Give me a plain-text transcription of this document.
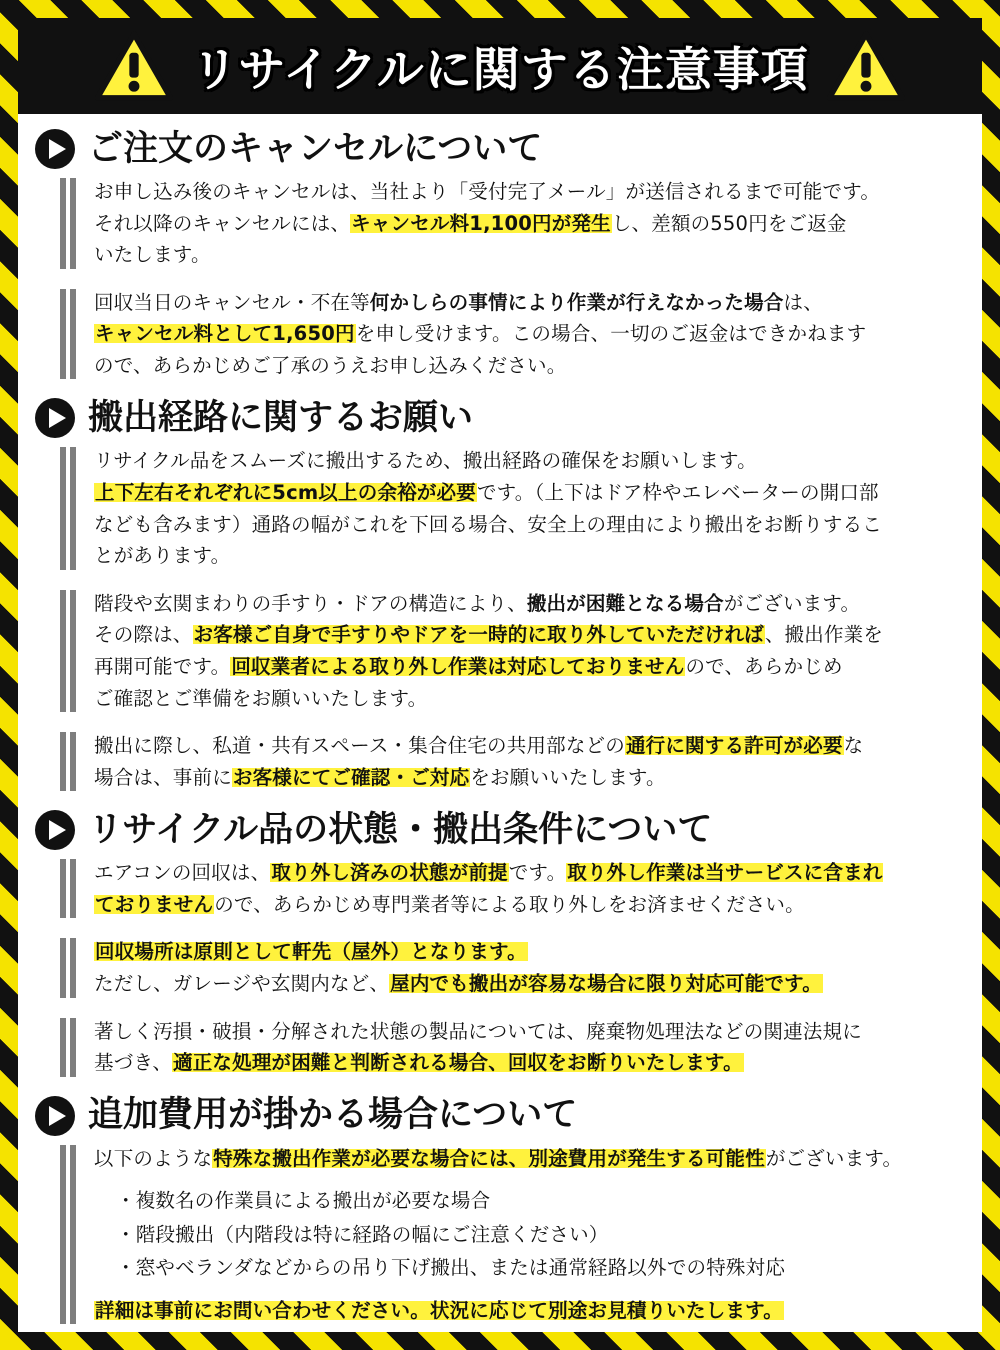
リサイクルに関する注意事項
ご注文のキャンセルについて
お申し込み後のキャンセルは、当社より「受付完了メール」が送信されるまで可能です。
それ以降のキャンセルには、キャンセル料1,100円が発生し、差額の550円をご返金
いたします。
回収当日のキャンセル・不在等何かしらの事情により作業が行えなかった場合は、
キャンセル料として1,650円を申し受けます。この場合、一切のご返金はできかねます
ので、あらかじめご了承のうえお申し込みください。
搬出経路に関するお願い
リサイクル品をスムーズに搬出するため、搬出経路の確保をお願いします。
上下左右それぞれに5cm以上の余裕が必要です。（上下はドア枠やエレベーターの開口部
なども含みます）通路の幅がこれを下回る場合、安全上の理由により搬出をお断りするこ
とがあります。
階段や玄関まわりの手すり・ドアの構造により、搬出が困難となる場合がございます。
その際は、お客様ご自身で手すりやドアを一時的に取り外していただければ、搬出作業を
再開可能です。回収業者による取り外し作業は対応しておりませんので、あらかじめ
ご確認とご準備をお願いいたします。
搬出に際し、私道・共有スペース・集合住宅の共用部などの通行に関する許可が必要な
場合は、事前にお客様にてご確認・ご対応をお願いいたします。
リサイクル品の状態・搬出条件について
エアコンの回収は、取り外し済みの状態が前提です。取り外し作業は当サービスに含まれ
ておりませんので、あらかじめ専門業者等による取り外しをお済ませください。
回収場所は原則として軒先（屋外）となります。
ただし、ガレージや玄関内など、屋内でも搬出が容易な場合に限り対応可能です。
著しく汚損・破損・分解された状態の製品については、廃棄物処理法などの関連法規に
基づき、適正な処理が困難と判断される場合、回収をお断りいたします。
追加費用が掛かる場合について
以下のような特殊な搬出作業が必要な場合には、別途費用が発生する可能性がございます。
・複数名の作業員による搬出が必要な場合
・階段搬出（内階段は特に経路の幅にご注意ください）
・窓やベランダなどからの吊り下げ搬出、または通常経路以外での特殊対応
詳細は事前にお問い合わせください。状況に応じて別途お見積りいたします。
